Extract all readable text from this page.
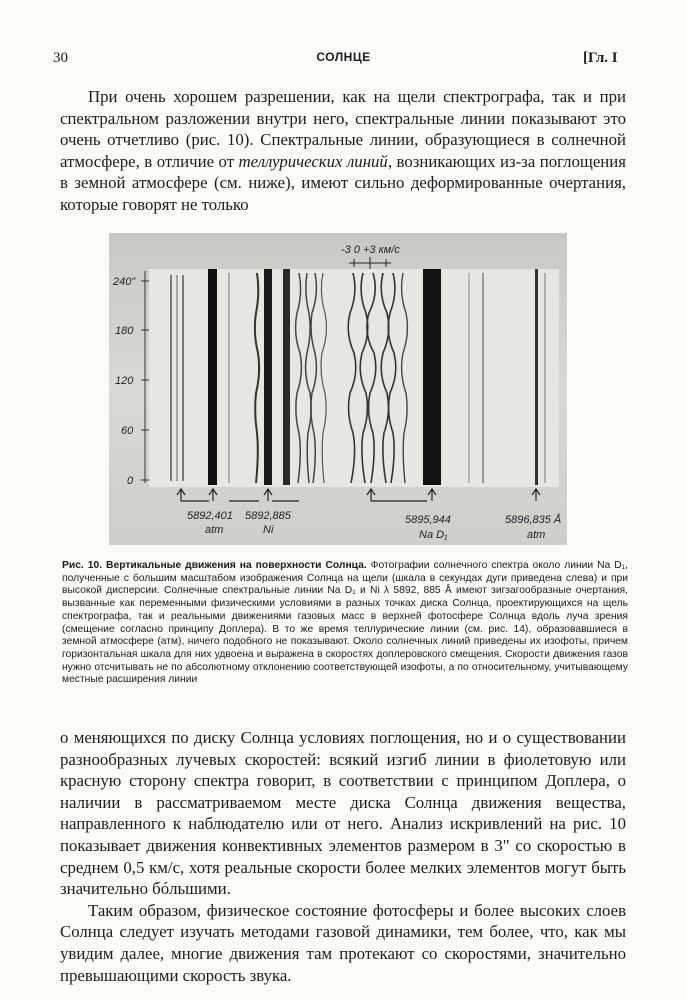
30	СОЛНЦЕ	[Гл. I

При очень хорошем разрешении, как на щели спектрографа, так и при спектральном разложении внутри него, спектральные линии показывают это очень отчетливо (рис. 10). Спектральные линии, образующиеся в солнечной атмосфере, в отличие от теллурических линий, возникающих из-за поглощения в земной атмосфере (см. ниже), имеют сильно деформированные очертания, которые говорят не только

240"
180
120
60
0
-3 0 +3 км/с
5892,401
atm
5892,885
Ni
5895,944
Na D₁
5896,835 Å
atm
Рис. 10. Вертикальные движения на поверхности Солнца. Фотографии солнечного спектра около линии Na D₁, полученные с большим масштабом изображения Солнца на щели (шкала в секундах дуги приведена слева) и при высокой дисперсии. Солнечные спектральные линии Na D₁ и Ni λ 5892, 885 Å имеют зигзагообразные очертания, вызванные как переменными физическими условиями в разных точках диска Солнца, проектирующихся на щель спектрографа, так и реальными движениями газовых масс в верхней фотосфере Солнца вдоль луча зрения (смещение согласно принципу Доплера). В то же время теллурические линии (см. рис. 14), образовавшиеся в земной атмосфере (атм), ничего подобного не показывают. Около солнечных линий приведены их изофоты, причем горизонтальная шкала для них удвоена и выражена в скоростях доплеровского смещения. Скорости движения газов нужно отсчитывать не по абсолютному отклонению соответствующей изофоты, а по относительному, учитывающему местные расширения линии

о меняющихся по диску Солнца условиях поглощения, но и о существовании разнообразных лучевых скоростей: всякий изгиб линии в фиолетовую или красную сторону спектра говорит, в соответствии с принципом Доплера, о наличии в рассматриваемом месте диска Солнца движения вещества, направленного к наблюдателю или от него. Анализ искривлений на рис. 10 показывает движения конвективных элементов размером в 3" со скоростью в среднем 0,5 км/с, хотя реальные скорости более мелких элементов могут быть значительно бóльшими.

Таким образом, физическое состояние фотосферы и более высоких слоев Солнца следует изучать методами газовой динамики, тем более, что, как мы увидим далее, многие движения там протекают со скоростями, значительно превышающими скорость звука.
